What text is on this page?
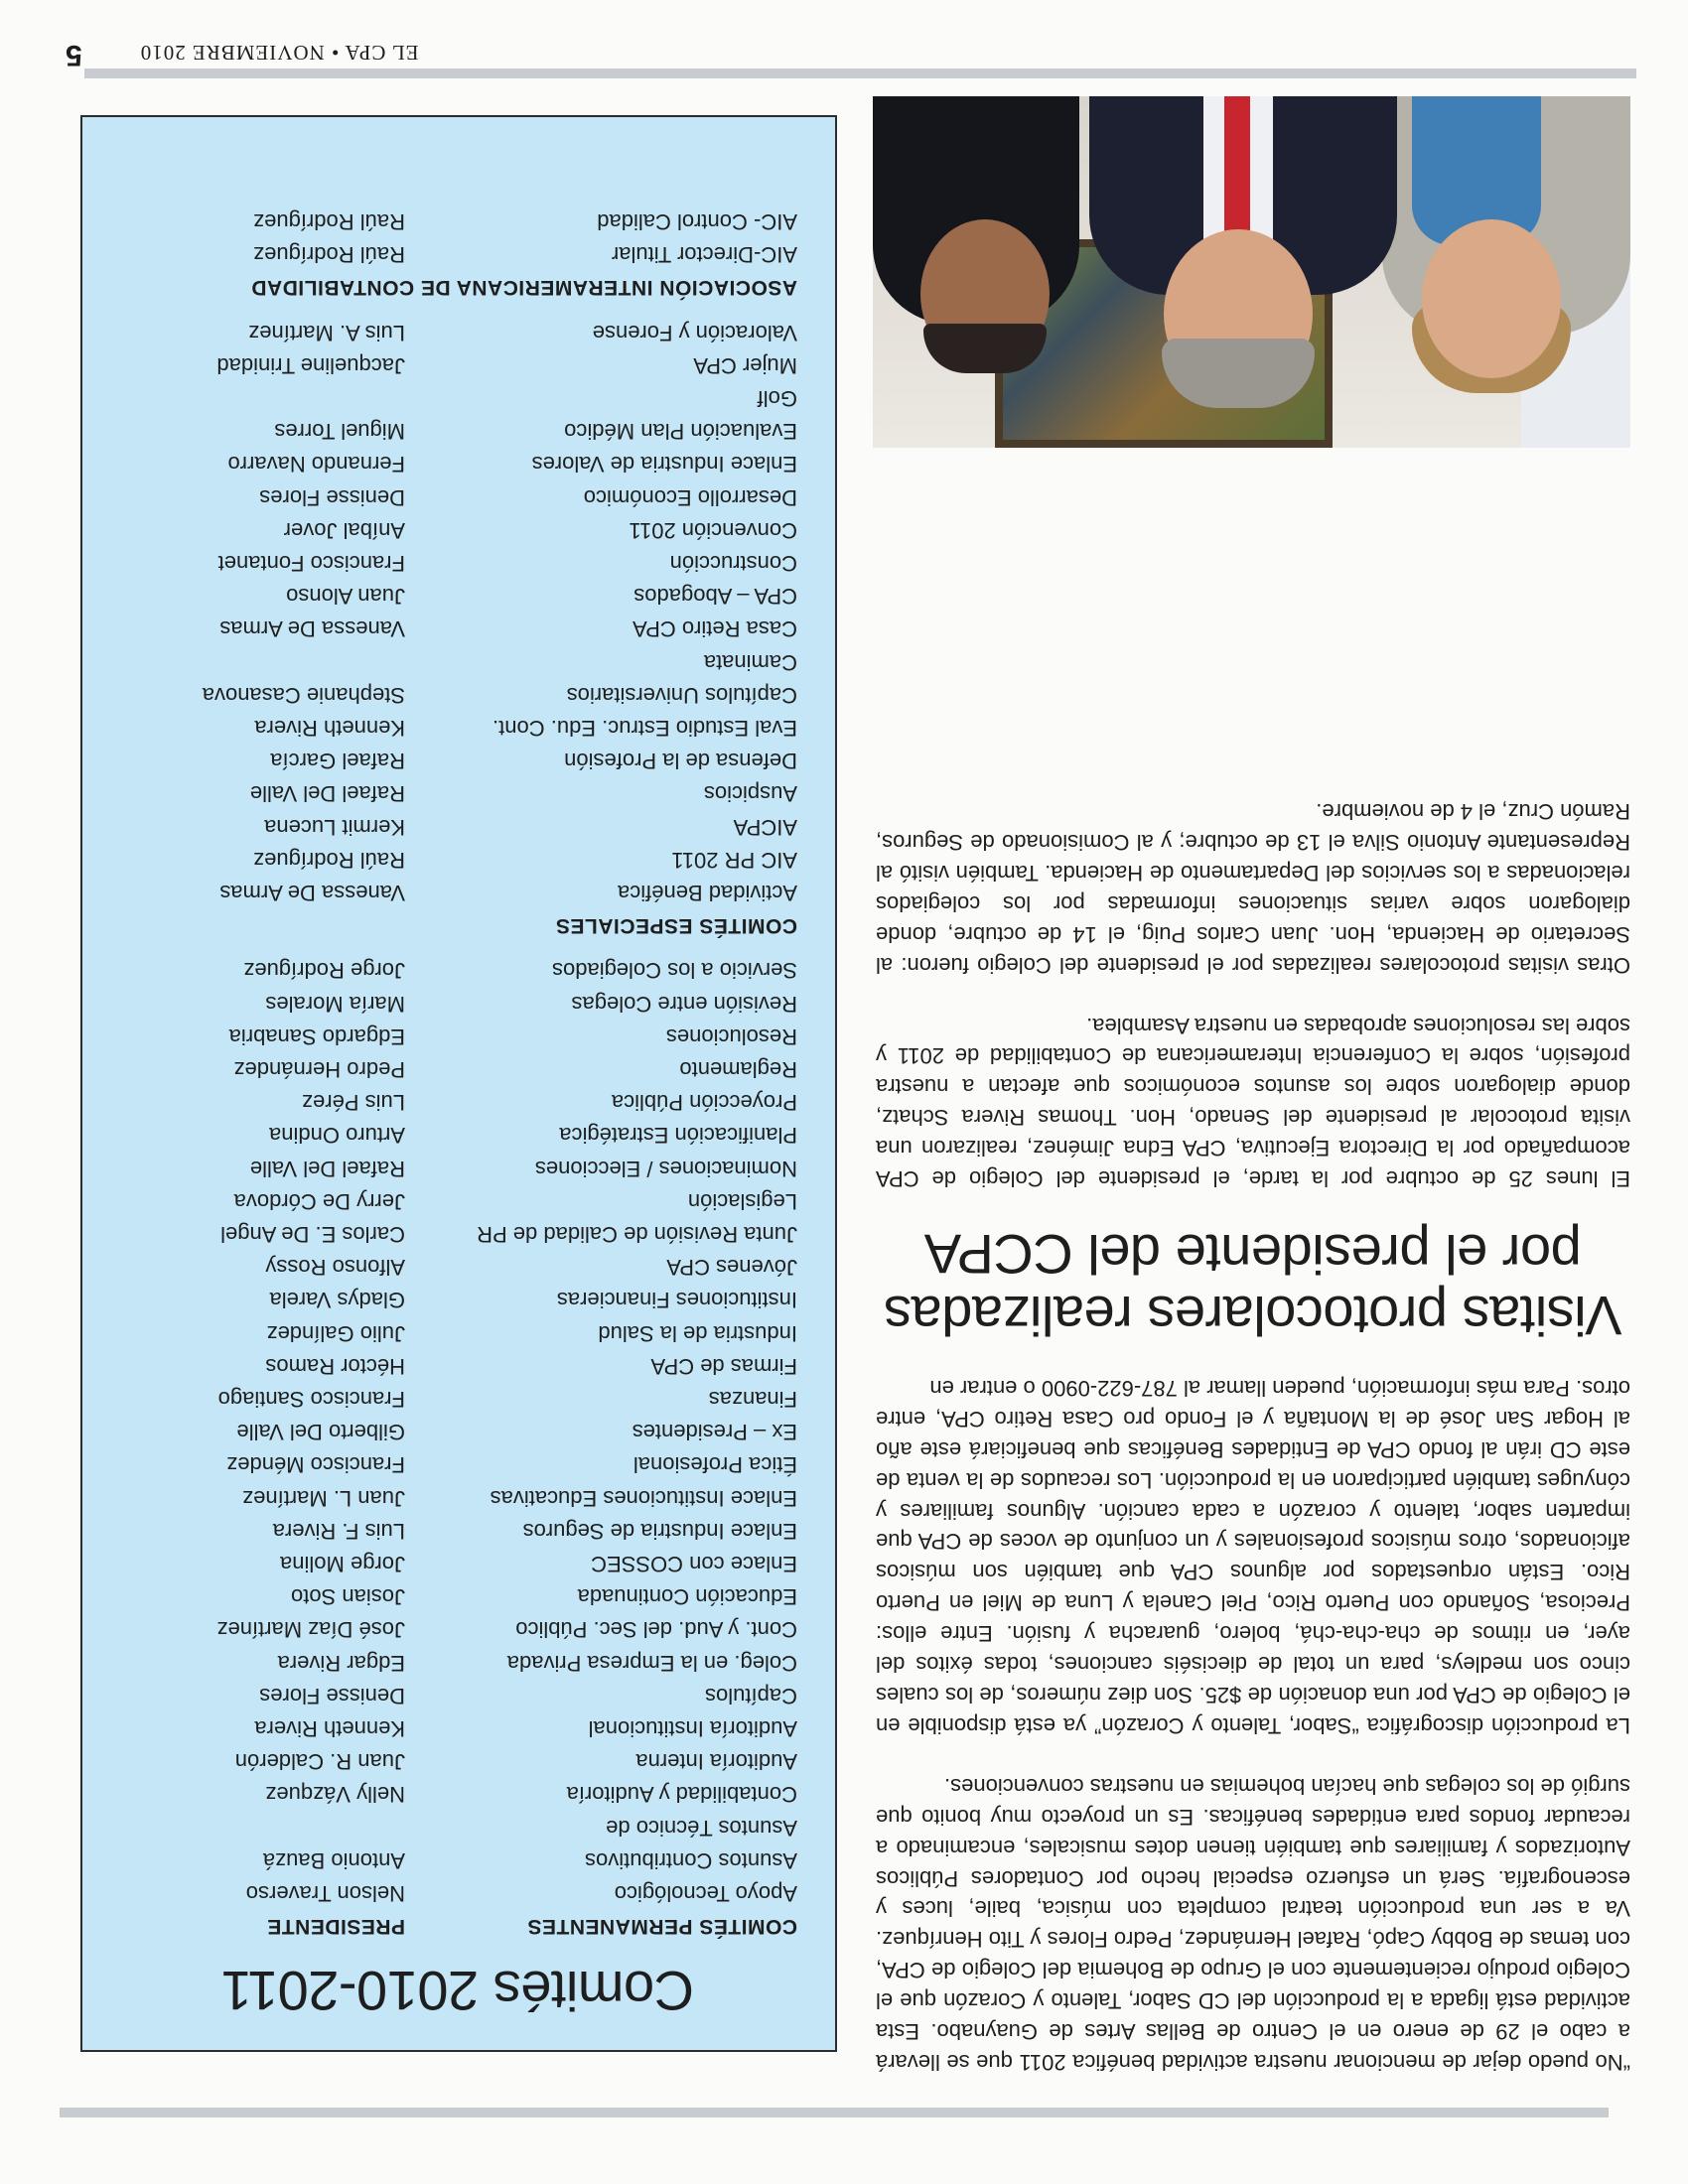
Comités 2010-2011
COMITÉS PERMANENTES
PRESIDENTE
Apoyo Tecnológico
Nelson Traverso
Asuntos Contributivos
Antonio Bauzá
Asuntos Técnico de
Contabilidad y Auditoría
Nelly Vázquez
Auditoría Interna
Juan R. Calderón
Auditoría Institucional
Kenneth Rivera
Capítulos
Denisse Flores
Coleg. en la Empresa Privada
Edgar Rivera
Cont. y Aud. del Sec. Público
José Díaz Martínez
Educación Continuada
Josian Soto
Enlace con COSSEC
Jorge Molina
Enlace Industria de Seguros
Luis F. Rivera
Enlace Instituciones Educativas
Juan L. Martínez
Ética Profesional
Francisco Méndez
Ex – Presidentes
Gilberto Del Valle
Finanzas
Francisco Santiago
Firmas de CPA
Héctor Ramos
Industria de la Salud
Julio Galíndez
Instituciones Financieras
Gladys Varela
Jóvenes CPA
Alfonso Rossy
Junta Revisión de Calidad de PR
Carlos E. De Angel
Legislación
Jerry De Córdova
Nominaciones / Elecciones
Rafael Del Valle
Planificación Estratégica
Arturo Ondina
Proyección Pública
Luis Pérez
Reglamento
Pedro Hernández
Resoluciones
Edgardo Sanabria
Revisión entre Colegas
María Morales
Servicio a los Colegiados
Jorge Rodríguez
COMITÉS ESPECIALES
Actividad Benéfica
Vanessa De Armas
AIC PR 2011
Raúl Rodríguez
AICPA
Kermit Lucena
Auspicios
Rafael Del Valle
Defensa de la Profesión
Rafael García
Eval Estudio Estruc. Edu. Cont.
Kenneth Rivera
Capítulos Universitarios
Stephanie Casanova
Caminata
Casa Retiro CPA
Vanessa De Armas
CPA – Abogados
Juan Alonso
Construcción
Francisco Fontanet
Convención 2011
Aníbal Jover
Desarrollo Económico
Denisse Flores
Enlace Industria de Valores
Fernando Navarro
Evaluación Plan Médico
Miguel Torres
Golf
Mujer CPA
Jacqueline Trinidad
Valoración y Forense
Luis A. Martínez
ASOCIACIÓN INTERAMERICANA DE CONTABILIDAD
AIC-Director Titular
Raúl Rodríguez
AIC- Control Calidad
Raúl Rodríguez

“No puedo dejar de mencionar nuestra actividad benéfica 2011 que se llevará a cabo el 29 de enero en el Centro de Bellas Artes de Guaynabo. Esta actividad está ligada a la producción del CD Sabor, Talento y Corazón que el Colegio produjo recientemente con el Grupo de Bohemia del Colegio de CPA, con temas de Bobby Capó, Rafael Hernández, Pedro Flores y Tito Henríquez. Va a ser una producción teatral completa con música, baile, luces y escenografía. Será un esfuerzo especial hecho por Contadores Públicos Autorizados y familiares que también tienen dotes musicales, encaminado a recaudar fondos para entidades benéficas. Es un proyecto muy bonito que surgió de los colegas que hacían bohemias en nuestras convenciones.

La producción discográfica “Sabor, Talento y Corazón” ya está disponible en el Colegio de CPA por una donación de $25. Son diez números, de los cuales cinco son medleys, para un total de dieciséis canciones, todas éxitos del ayer, en ritmos de cha-cha-chá, bolero, guaracha y fusión. Entre ellos: Preciosa, Soñando con Puerto Rico, Piel Canela y Luna de Miel en Puerto Rico. Están orquestados por algunos CPA que también son músicos aficionados, otros músicos profesionales y un conjunto de voces de CPA que imparten sabor, talento y corazón a cada canción. Algunos familiares y cónyuges también participaron en la producción. Los recaudos de la venta de este CD irán al fondo CPA de Entidades Benéficas que beneficiará este año al Hogar San José de la Montaña y el Fondo pro Casa Retiro CPA, entre otros. Para más información, pueden llamar al 787-622-0900 o entrar en

Visitas protocolares realizadas por el presidente del CCPA

El lunes 25 de octubre por la tarde, el presidente del Colegio de CPA acompañado por la Directora Ejecutiva, CPA Edna Jiménez, realizaron una visita protocolar al presidente del Senado, Hon. Thomas Rivera Schatz, donde dialogaron sobre los asuntos económicos que afectan a nuestra profesión, sobre la Conferencia Interamericana de Contabilidad de 2011 y sobre las resoluciones aprobadas en nuestra Asamblea.

Otras visitas protocolares realizadas por el presidente del Colegio fueron: al Secretario de Hacienda, Hon. Juan Carlos Puig, el 14 de octubre, donde dialogaron sobre varias situaciones informadas por los colegiados relacionadas a los servicios del Departamento de Hacienda. También visitó al Representante Antonio Silva el 13 de octubre; y al Comisionado de Seguros, Ramón Cruz, el 4 de noviembre.

EL CPA • NOVIEMBRE 2010
5
